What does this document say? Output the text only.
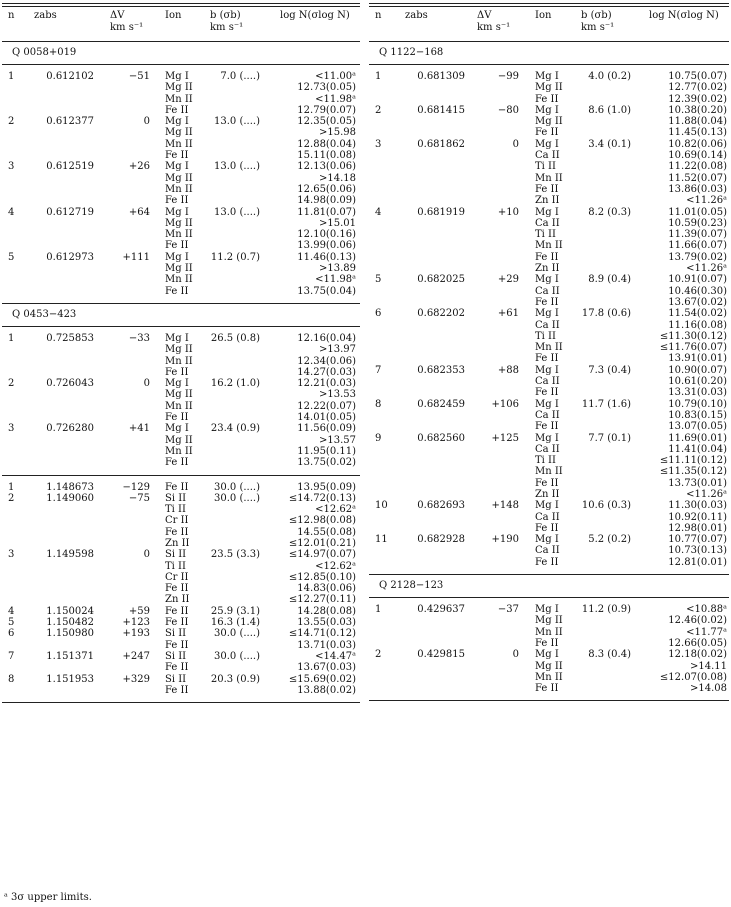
n zabs	ΔV
km s⁻¹
Ion	b (σb)
km s⁻¹
log N(σlog N)
Q 0058+019
1	0.612102	−51 Mg I	7.0 (....)	<11.00ᵃ
Mg II	12.73(0.05)
Mn II	<11.98ᵃ
Fe II	12.79(0.07)
2	0.612377	0 Mg I	13.0 (....)	12.35(0.05)
Mg II	>15.98
Mn II	12.88(0.04)
Fe II	15.11(0.08)
3	0.612519	+26 Mg I	13.0 (....)	12.13(0.06)
Mg II	>14.18
Mn II	12.65(0.06)
Fe II	14.98(0.09)
4	0.612719	+64 Mg I	13.0 (....)	11.81(0.07)
Mg II	>15.01
Mn II	12.10(0.16)
Fe II	13.99(0.06)
5	0.612973	+111 Mg I 11.2 (0.7)	11.46(0.13)
Mg II	>13.89
Mn II	<11.98ᵃ
Fe II	13.75(0.04)
Q 0453−423
1	0.725853	−33 Mg I 26.5 (0.8)	12.16(0.04)
Mg II	>13.97
Mn II	12.34(0.06)
Fe II	14.27(0.03)
2	0.726043	0 Mg I 16.2 (1.0)	12.21(0.03)
Mg II	>13.53
Mn II	12.22(0.07)
Fe II	14.01(0.05)
3	0.726280	+41 Mg I 23.4 (0.9)	11.56(0.09)
Mg II	>13.57
Mn II	11.95(0.11)
Fe II	13.75(0.02)
1	1.148673	−129 Fe II	30.0 (....)	13.95(0.09)
2	1.149060	−75 Si II	30.0 (....)	≤14.72(0.13)
Ti II	<12.62ᵃ
Cr II	≤12.98(0.08)
Fe II	14.55(0.08)
Zn II	≤12.01(0.21)
3	1.149598	0 Si II 23.5 (3.3)	≤14.97(0.07)
Ti II	<12.62ᵃ
Cr II	≤12.85(0.10)
Fe II	14.83(0.06)
Zn II	≤12.27(0.11)
4	1.150024	+59 Fe II 25.9 (3.1)	14.28(0.08)
5	1.150482	+123 Fe II 16.3 (1.4)	13.55(0.03)
6	1.150980	+193 Si II	30.0 (....)	≤14.71(0.12)
Fe II	13.71(0.03)
7	1.151371	+247 Si II	30.0 (....)	<14.47ᵃ
Fe II	13.67(0.03)
8	1.151953	+329 Si II 20.3 (0.9)	≤15.69(0.02)
Fe II	13.88(0.02)
n zabs	ΔV
km s⁻¹
Ion	b (σb)
km s⁻¹
log N(σlog N)
Q 1122−168
1	0.681309	−99 Mg I	4.0 (0.2)	10.75(0.07)
Mg II	12.77(0.02)
Fe II	12.39(0.02)
2	0.681415	−80 Mg I	8.6 (1.0)	10.38(0.20)
Mg II	11.88(0.04)
Fe II	11.45(0.13)
3	0.681862	0 Mg I	3.4 (0.1)	10.82(0.06)
Ca II	10.69(0.14)
Ti II	11.22(0.08)
Mn II	11.52(0.07)
Fe II	13.86(0.03)
Zn II	<11.26ᵃ
4	0.681919	+10 Mg I	8.2 (0.3)	11.01(0.05)
Ca II	10.59(0.23)
Ti II	11.39(0.07)
Mn II	11.66(0.07)
Fe II	13.79(0.02)
Zn II	<11.26ᵃ
5	0.682025	+29 Mg I	8.9 (0.4)	10.91(0.07)
Ca II	10.46(0.30)
Fe II	13.67(0.02)
6	0.682202	+61 Mg I 17.8 (0.6)	11.54(0.02)
Ca II	11.16(0.08)
Ti II	≤11.30(0.12)
Mn II	≤11.76(0.07)
Fe II	13.91(0.01)
7	0.682353	+88 Mg I	7.3 (0.4)	10.90(0.07)
Ca II	10.61(0.20)
Fe II	13.31(0.03)
8	0.682459	+106 Mg I 11.7 (1.6)	10.79(0.10)
Ca II	10.83(0.15)
Fe II	13.07(0.05)
9	0.682560	+125 Mg I	7.7 (0.1)	11.69(0.01)
Ca II	11.41(0.04)
Ti II	≤11.11(0.12)
Mn II	≤11.35(0.12)
Fe II	13.73(0.01)
Zn II	<11.26ᵃ
10	0.682693	+148 Mg I 10.6 (0.3)	11.30(0.03)
Ca II	10.92(0.11)
Fe II	12.98(0.01)
11	0.682928	+190 Mg I	5.2 (0.2)	10.77(0.07)
Ca II	10.73(0.13)
Fe II	12.81(0.01)
Q 2128−123
1	0.429637	−37 Mg I 11.2 (0.9)	<10.88ᵃ
Mg II	12.46(0.02)
Mn II	<11.77ᵃ
Fe II	12.66(0.05)
2	0.429815	0 Mg I	8.3 (0.4)	12.18(0.02)
Mg II	>14.11
Mn II	≤12.07(0.08)
Fe II	>14.08
ᵃ 3σ upper limits.
